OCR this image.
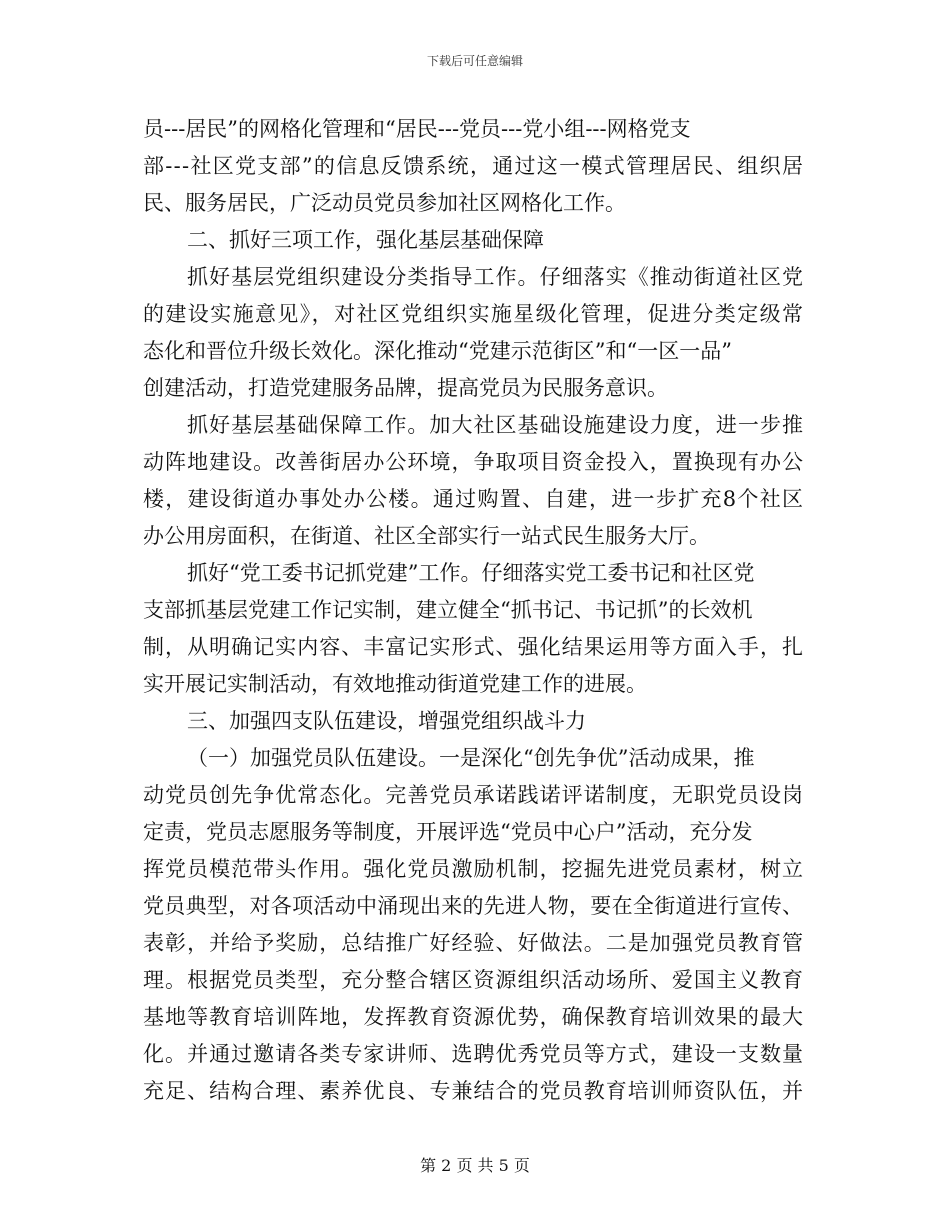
下载后可任意编辑
员---居民”的网格化管理和“居民---党员---党小组---网格党支
部---社区党支部”的信息反馈系统，通过这一模式管理居民、组织居
民、服务居民，广泛动员党员参加社区网格化工作。
二、抓好三项工作，强化基层基础保障
抓好基层党组织建设分类指导工作。仔细落实《推动街道社区党
的建设实施意见》，对社区党组织实施星级化管理，促进分类定级常
态化和晋位升级长效化。深化推动“党建示范街区”和“一区一品”
创建活动，打造党建服务品牌，提高党员为民服务意识。
抓好基层基础保障工作。加大社区基础设施建设力度，进一步推
动阵地建设。改善街居办公环境，争取项目资金投入，置换现有办公
楼，建设街道办事处办公楼。通过购置、自建，进一步扩充8个社区
办公用房面积，在街道、社区全部实行一站式民生服务大厅。
抓好“党工委书记抓党建”工作。仔细落实党工委书记和社区党
支部抓基层党建工作记实制，建立健全“抓书记、书记抓”的长效机
制，从明确记实内容、丰富记实形式、强化结果运用等方面入手，扎
实开展记实制活动，有效地推动街道党建工作的进展。
三、加强四支队伍建设，增强党组织战斗力
（一）加强党员队伍建设。一是深化“创先争优”活动成果，推
动党员创先争优常态化。完善党员承诺践诺评诺制度，无职党员设岗
定责，党员志愿服务等制度，开展评选“党员中心户”活动，充分发
挥党员模范带头作用。强化党员激励机制，挖掘先进党员素材，树立
党员典型，对各项活动中涌现出来的先进人物，要在全街道进行宣传、
表彰，并给予奖励，总结推广好经验、好做法。二是加强党员教育管
理。根据党员类型，充分整合辖区资源组织活动场所、爱国主义教育
基地等教育培训阵地，发挥教育资源优势，确保教育培训效果的最大
化。并通过邀请各类专家讲师、选聘优秀党员等方式，建设一支数量
充足、结构合理、素养优良、专兼结合的党员教育培训师资队伍，并
第 2 页 共 5 页
